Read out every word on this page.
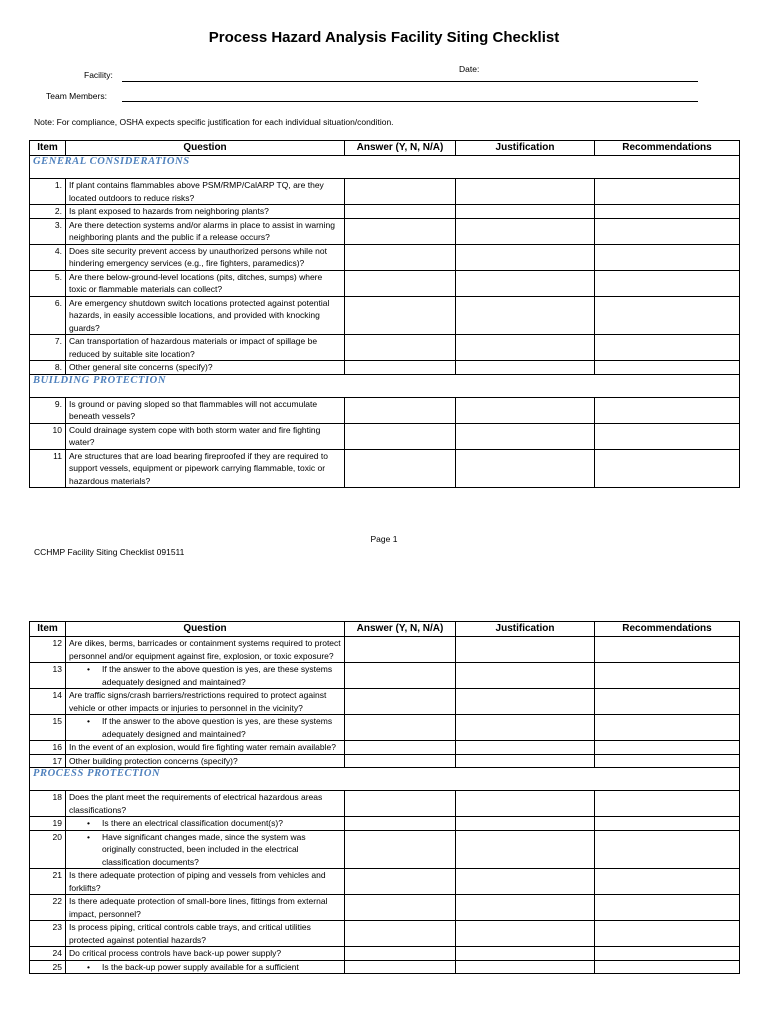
Process Hazard Analysis Facility Siting Checklist
Facility:
Date:
Team Members:
Note: For compliance, OSHA expects specific justification for each individual situation/condition.
Item	Question	Answer (Y, N, N/A)	Justification	Recommendations
GENERAL CONSIDERATIONS				
1.	If plant contains flammables above PSM/RMP/CalARP TQ, are they located outdoors to reduce risks?			
2.	Is plant exposed to hazards from neighboring plants?			
3.	Are there detection systems and/or alarms in place to assist in warning neighboring plants and the public if a release occurs?			
4.	Does site security prevent access by unauthorized persons while not hindering emergency services (e.g., fire fighters, paramedics)?			
5.	Are there below-ground-level locations (pits, ditches, sumps) where toxic or flammable materials can collect?			
6.	Are emergency shutdown switch locations protected against potential hazards, in easily accessible locations, and provided with knocking guards?			
7.	Can transportation of hazardous materials or impact of spillage be reduced by suitable site location?			
8.	Other general site concerns (specify)?			
BUILDING PROTECTION				
9.	Is ground or paving sloped so that flammables will not accumulate beneath vessels?			
10	Could drainage system cope with both storm water and fire fighting water?			
11	Are structures that are load bearing fireproofed if they are required to support vessels, equipment or pipework carrying flammable, toxic or hazardous materials?			
Page 1
CCHMP Facility Siting Checklist 091511
Item	Question	Answer (Y, N, N/A)	Justification	Recommendations
12	Are dikes, berms, barricades or containment systems required to protect personnel and/or equipment against fire, explosion, or toxic exposure?			
13	• If the answer to the above question is yes, are these systems adequately designed and maintained?			

14	Are traffic signs/crash barriers/restrictions required to protect against vehicle or other impacts or injuries to personnel in the vicinity?			
15	• If the answer to the above question is yes, are these systems adequately designed and maintained?			

16	In the event of an explosion, would fire fighting water remain available?			
17	Other building protection concerns (specify)?			
PROCESS PROTECTION				
18	Does the plant meet the requirements of electrical hazardous areas classifications?			
19	• Is there an electrical classification document(s)?			

20	• Have significant changes made, since the system was originally constructed, been included in the electrical classification documents?			

21	Is there adequate protection of piping and vessels from vehicles and forklifts?			
22	Is there adequate protection of small-bore lines, fittings from external impact, personnel?			
23	Is process piping, critical controls cable trays, and critical utilities protected against potential hazards?			
24	Do critical process controls have back-up power supply?			
25	• Is the back-up power supply available for a sufficient			
